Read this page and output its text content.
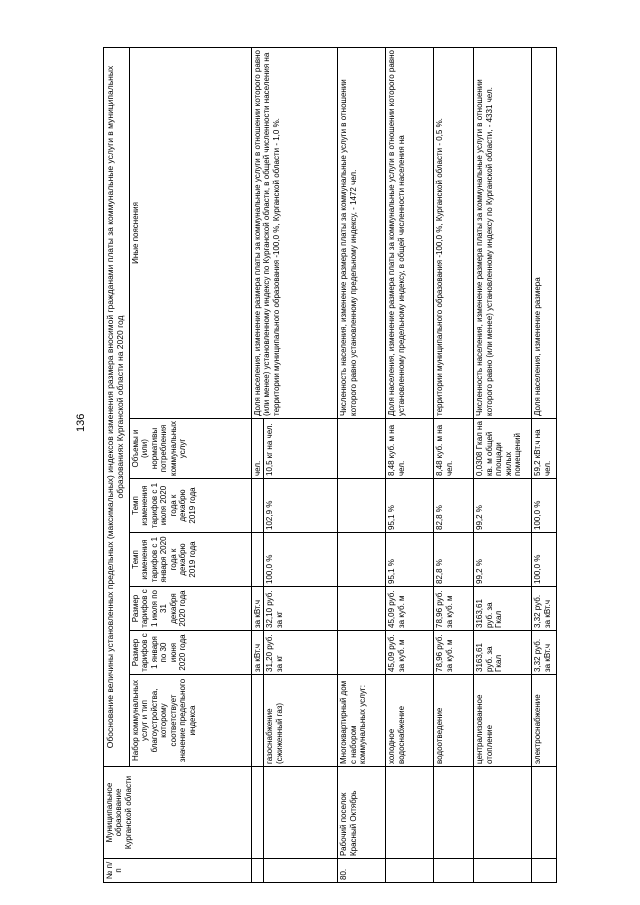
136
№ п/п	Муниципальное образование Курганской области	Обоснование величины установленных предельных (максимальных) индексов изменения размера вносимой гражданами платы за коммунальные услуги в муниципальных образованиях Курганской области на 2020 год						
		Набор коммунальных услуг и тип благоустройства, которому соответствует значение предельного индекса	Размер тарифов с 1 января по 30 июня 2020 года	Размер тарифов с 1 июля по 31 декабря 2020 года	Темп изменения тарифов с 1 января 2020 года к декабрю 2019 года	Темп изменения тарифов с 1 июля 2020 года к декабрю 2019 года	Объемы и (или) нормативы потребления коммунальных услуг	Иные пояснения
			за кВт.ч	за кВт.ч			чел.	Доля населения, изменение размера платы за коммунальные услуги в отношении которого равно (или менее) установленному индексу по Курганской области, в общей численности населения на территории муниципального образования -100,0 %, Курганской области - 1,0 %.
		газоснабжение (сжиженный газ)	31,20 руб. за кг	32,10 руб. за кг	100,0 %	102,9 %	10,5 кг на чел.	
80.	Рабочий поселок Красный Октябрь	Многоквартирный дом с набором коммунальных услуг:						Численность населения, изменение размера платы за коммунальные услуги в отношении которого равно установленному предельному индексу, - 1472 чел.
		холодное водоснабжение	45,09 руб. за куб. м	45,09 руб. за куб. м	95,1 %	95,1 %	8,48 куб. м на чел.	Доля населения, изменение размера платы за коммунальные услуги в отношении которого равно установленному предельному индексу, в общей численности населения на
		водоотведение	78,96 руб. за куб. м	78,96 руб. за куб. м	82,8 %	82,8 %	8,48 куб. м на чел.	территории муниципального образования -100,0 %, Курганской области - 0,5 %.
		централизованное отопление	3163,61 руб. за Гкал	3163,61 руб. за Гкал	99,2 %	99,2 %	0,0308 Гкал на кв. м общей площади жилых помещений	Численность населения, изменение размера платы за коммунальные услуги в отношении которого равно (или менее) установленному индексу по Курганской области, - 4331 чел.
		электроснабжение	3,32 руб. за кВт.ч	3,32 руб. за кВт.ч	100,0 %	100,0 %	59,2 кВт.ч на чел.	Доля населения, изменение размера
